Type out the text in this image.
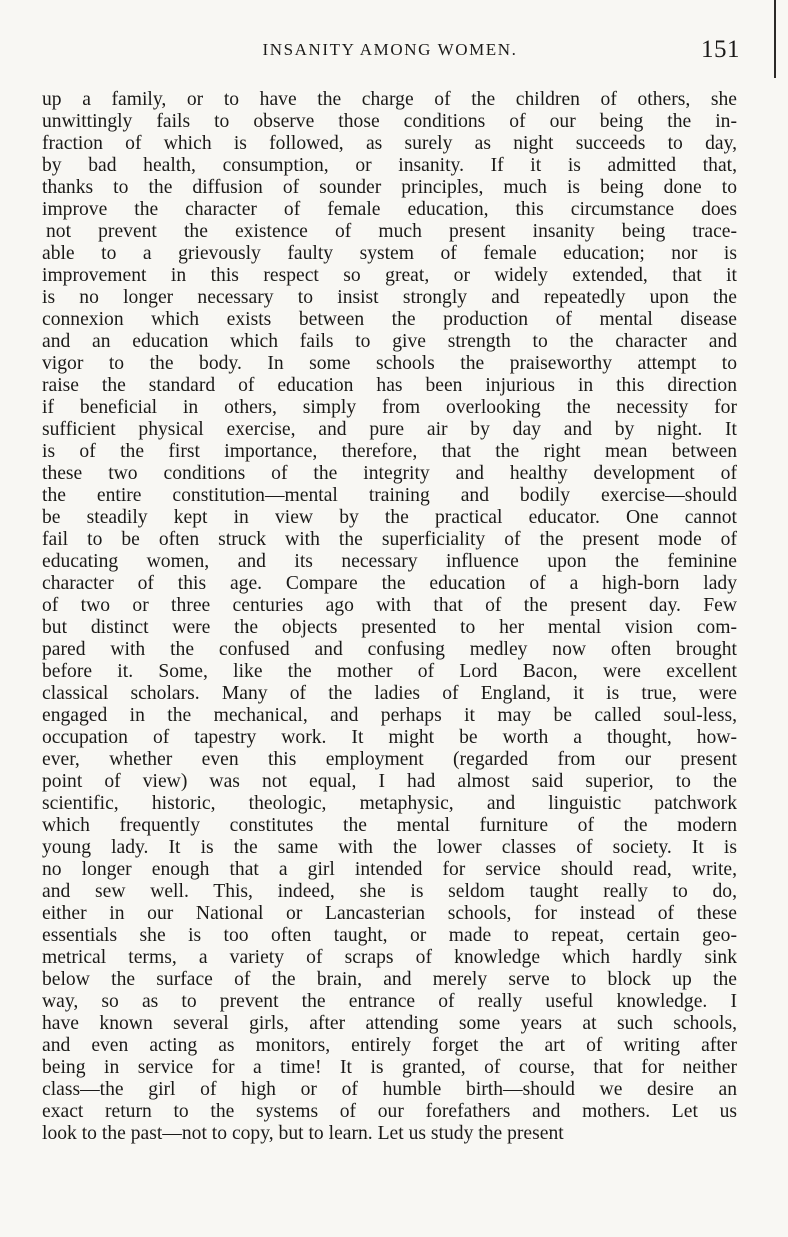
INSANITY AMONG WOMEN.	151
up a family, or to have the charge of the children of others, she
unwittingly fails to observe those conditions of our being the in-
fraction of which is followed, as surely as night succeeds to day,
by bad health, consumption, or insanity. If it is admitted that,
thanks to the diffusion of sounder principles, much is being done to
improve the character of female education, this circumstance does
not prevent the existence of much present insanity being trace-
able to a grievously faulty system of female education; nor is
improvement in this respect so great, or widely extended, that it
is no longer necessary to insist strongly and repeatedly upon the
connexion which exists between the production of mental disease
and an education which fails to give strength to the character and
vigor to the body. In some schools the praiseworthy attempt to
raise the standard of education has been injurious in this direction
if beneficial in others, simply from overlooking the necessity for
sufficient physical exercise, and pure air by day and by night. It
is of the first importance, therefore, that the right mean between
these two conditions of the integrity and healthy development of
the entire constitution—mental training and bodily exercise—should
be steadily kept in view by the practical educator. One cannot
fail to be often struck with the superficiality of the present mode of
educating women, and its necessary influence upon the feminine
character of this age. Compare the education of a high-born lady
of two or three centuries ago with that of the present day. Few
but distinct were the objects presented to her mental vision com-
pared with the confused and confusing medley now often brought
before it. Some, like the mother of Lord Bacon, were excellent
classical scholars. Many of the ladies of England, it is true, were
engaged in the mechanical, and perhaps it may be called soul-less,
occupation of tapestry work. It might be worth a thought, how-
ever, whether even this employment (regarded from our present
point of view) was not equal, I had almost said superior, to the
scientific, historic, theologic, metaphysic, and linguistic patchwork
which frequently constitutes the mental furniture of the modern
young lady. It is the same with the lower classes of society. It is
no longer enough that a girl intended for service should read, write,
and sew well. This, indeed, she is seldom taught really to do,
either in our National or Lancasterian schools, for instead of these
essentials she is too often taught, or made to repeat, certain geo-
metrical terms, a variety of scraps of knowledge which hardly sink
below the surface of the brain, and merely serve to block up the
way, so as to prevent the entrance of really useful knowledge. I
have known several girls, after attending some years at such schools,
and even acting as monitors, entirely forget the art of writing after
being in service for a time! It is granted, of course, that for neither
class—the girl of high or of humble birth—should we desire an
exact return to the systems of our forefathers and mothers. Let us
look to the past—not to copy, but to learn. Let us study the present
